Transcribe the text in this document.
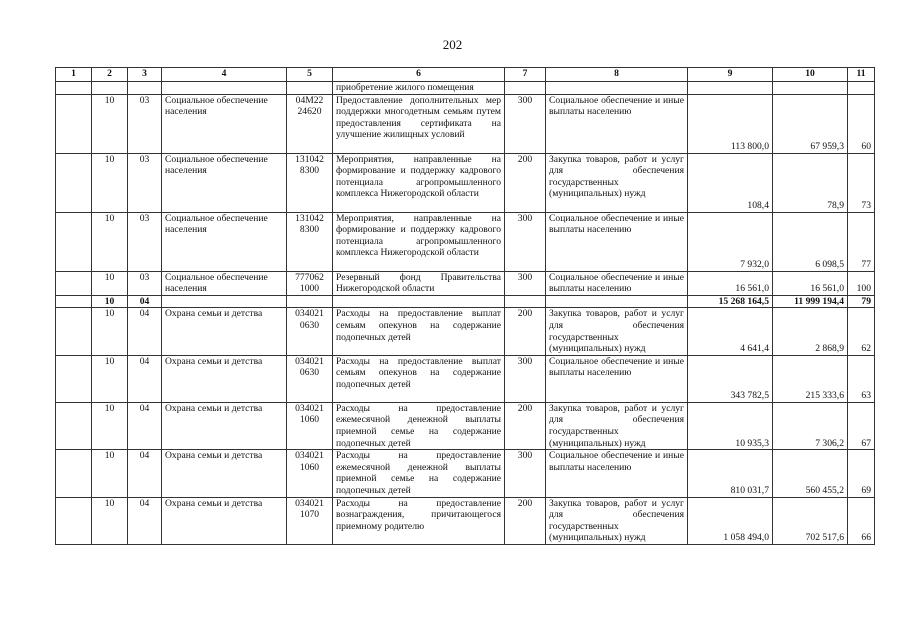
202
1	2	3	4	5	6	7	8	9	10	11
					приобретение жилого помещения					
	10	03	Социальное обеспечение населения	04М22 24620	Предоставление дополнительных мер поддержки многодетным семьям путем предоставления сертификата на улучшение жилищных условий	300	Социальное обеспечение и иные выплаты населению	113 800,0	67 959,3	60
	10	03	Социальное обеспечение населения	131042 8300	Мероприятия, направленные на формирование и поддержку кадрового потенциала агропромышленного комплекса Нижегородской области	200	Закупка товаров, работ и услуг для обеспечения государственных (муниципальных) нужд	108,4	78,9	73
	10	03	Социальное обеспечение населения	131042 8300	Мероприятия, направленные на формирование и поддержку кадрового потенциала агропромышленного комплекса Нижегородской области	300	Социальное обеспечение и иные выплаты населению	7 932,0	6 098,5	77
	10	03	Социальное обеспечение населения	777062 1000	Резервный фонд Правительства Нижегородской области	300	Социальное обеспечение и иные выплаты населению	16 561,0	16 561,0	100
	10	04						15 268 164,5	11 999 194,4	79
	10	04	Охрана семьи и детства	034021 0630	Расходы на предоставление выплат семьям опекунов на содержание подопечных детей	200	Закупка товаров, работ и услуг для обеспечения государственных (муниципальных) нужд	4 641,4	2 868,9	62
	10	04	Охрана семьи и детства	034021 0630	Расходы на предоставление выплат семьям опекунов на содержание подопечных детей	300	Социальное обеспечение и иные выплаты населению	343 782,5	215 333,6	63
	10	04	Охрана семьи и детства	034021 1060	Расходы на предоставление ежемесячной денежной выплаты приемной семье на содержание подопечных детей	200	Закупка товаров, работ и услуг для обеспечения государственных (муниципальных) нужд	10 935,3	7 306,2	67
	10	04	Охрана семьи и детства	034021 1060	Расходы на предоставление ежемесячной денежной выплаты приемной семье на содержание подопечных детей	300	Социальное обеспечение и иные выплаты населению	810 031,7	560 455,2	69
	10	04	Охрана семьи и детства	034021 1070	Расходы на предоставление вознаграждения, причитающегося приемному родителю	200	Закупка товаров, работ и услуг для обеспечения государственных (муниципальных) нужд	1 058 494,0	702 517,6	66
